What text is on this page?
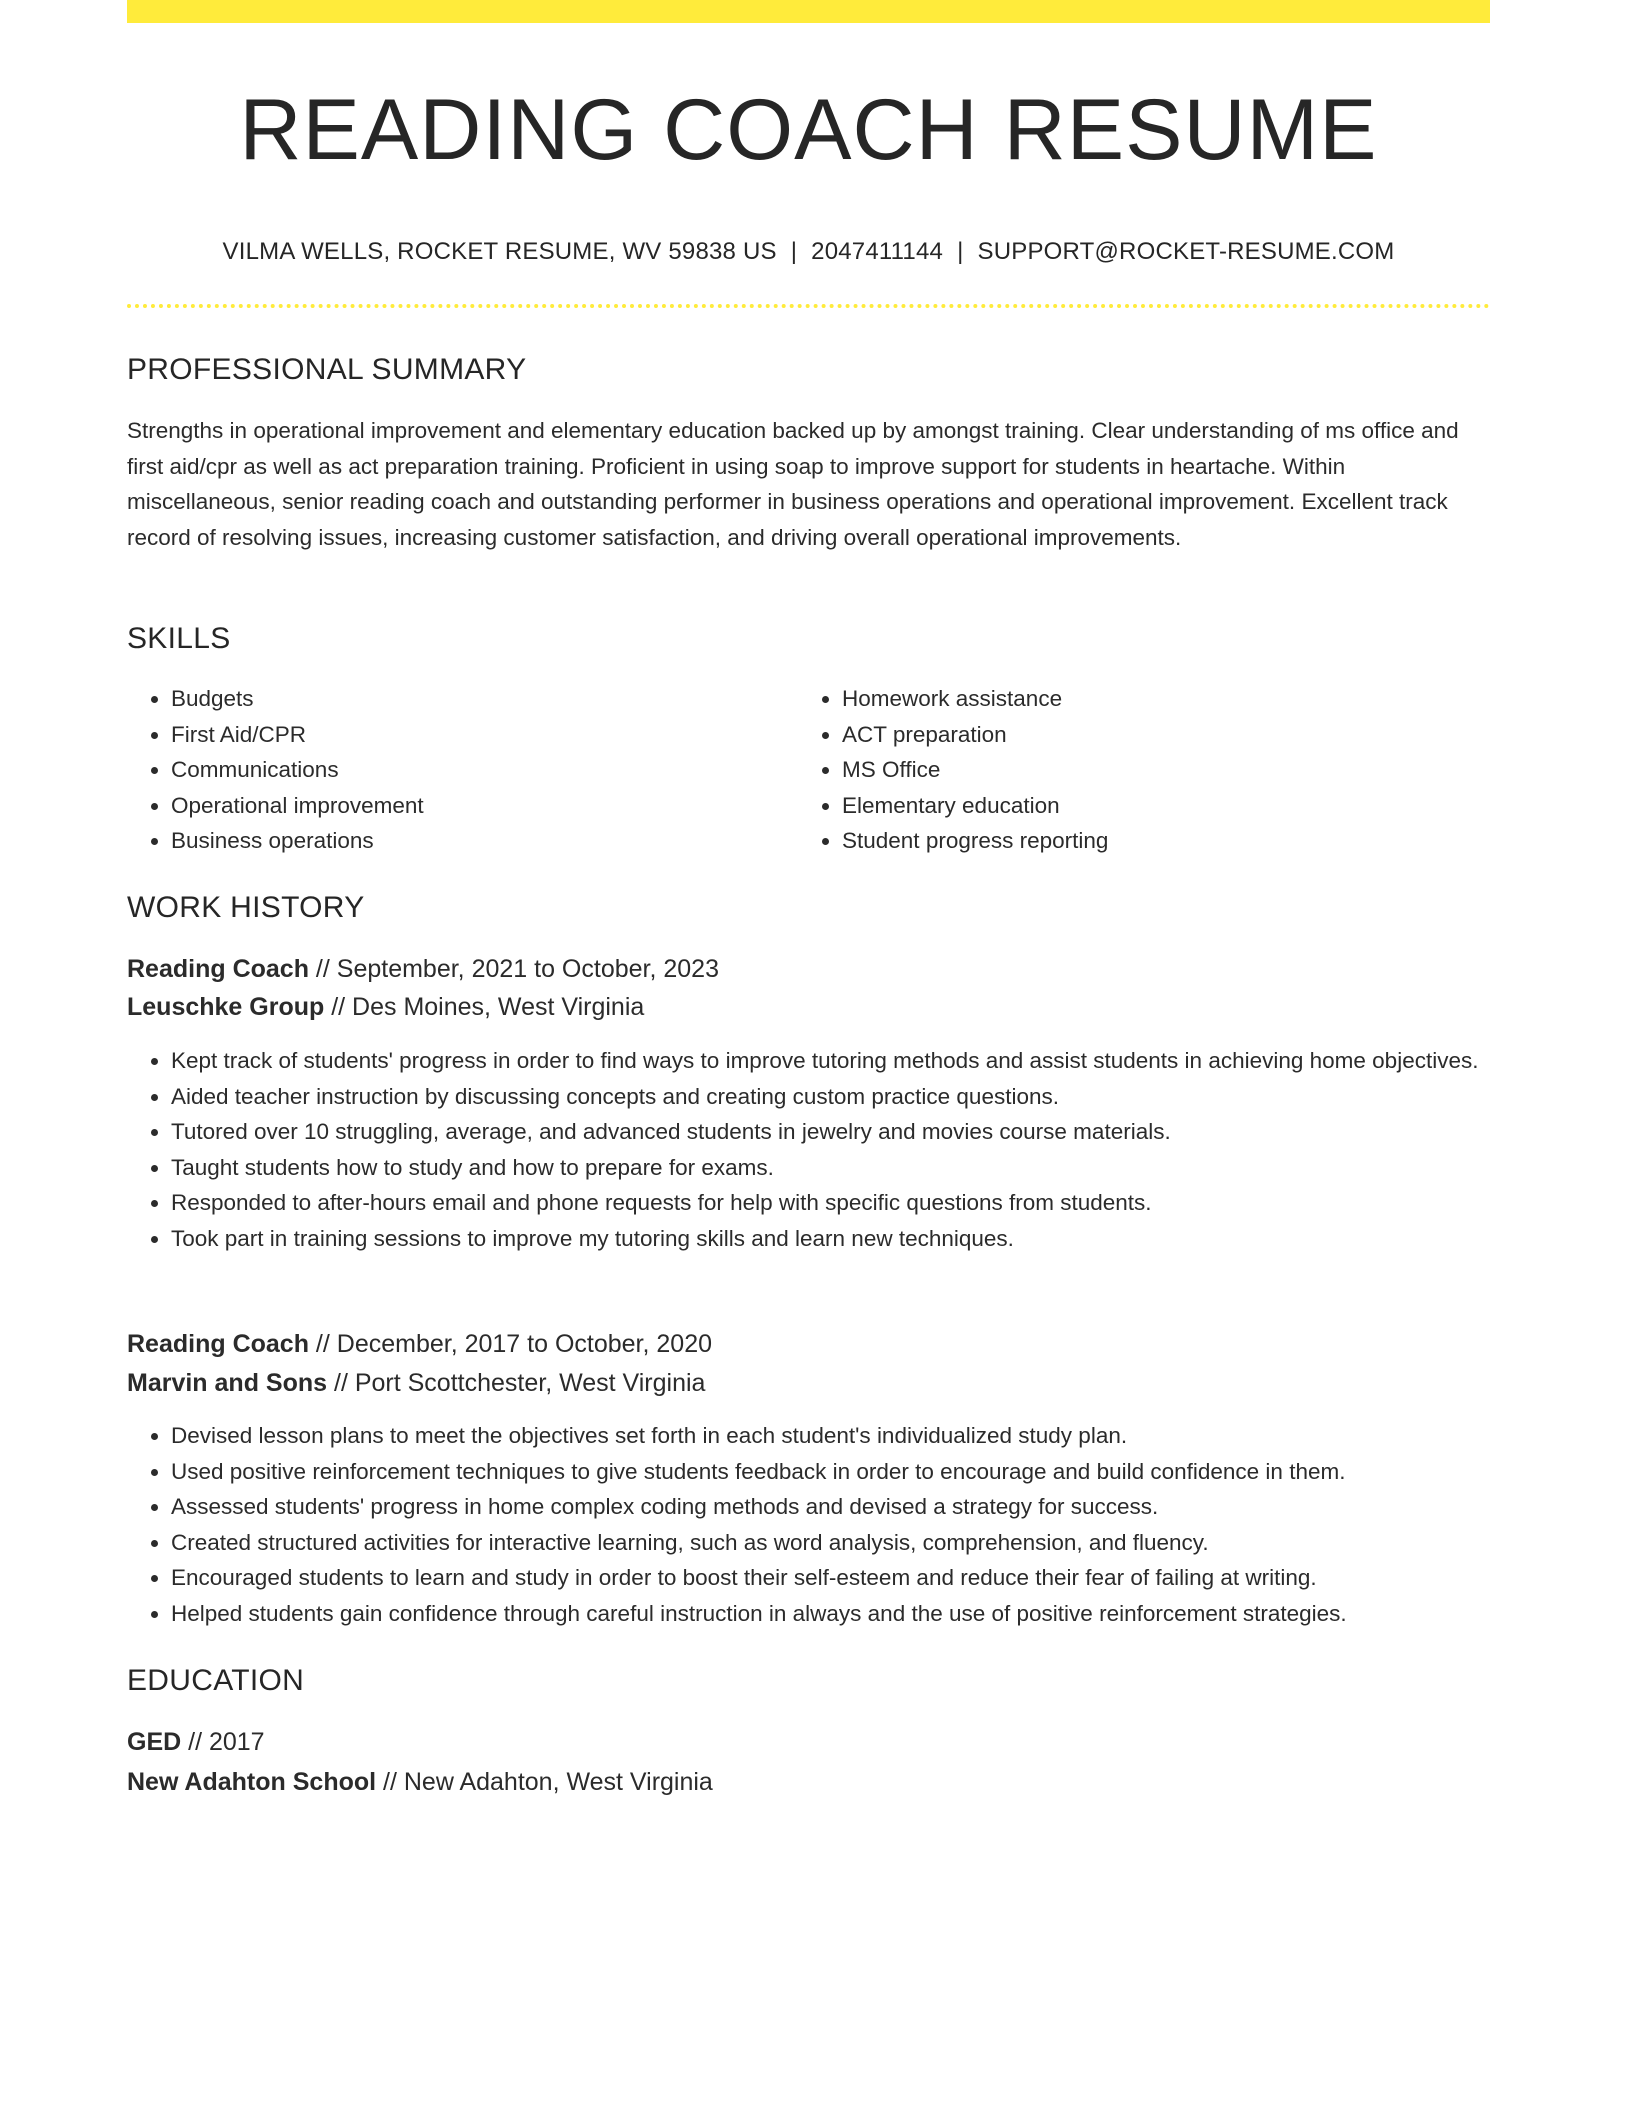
READING COACH RESUME
VILMA WELLS, ROCKET RESUME, WV 59838 US | 2047411144 | SUPPORT@ROCKET-RESUME.COM
PROFESSIONAL SUMMARY

Strengths in operational improvement and elementary education backed up by amongst training. Clear understanding of ms office and first aid/cpr as well as act preparation training. Proficient in using soap to improve support for students in heartache. Within miscellaneous, senior reading coach and outstanding performer in business operations and operational improvement. Excellent track record of resolving issues, increasing customer satisfaction, and driving overall operational improvements.

SKILLS
• Budgets
• First Aid/CPR
• Communications
• Operational improvement
• Business operations
• Homework assistance
• ACT preparation
• MS Office
• Elementary education
• Student progress reporting
WORK HISTORY
Reading Coach // September, 2021 to October, 2023
Leuschke Group // Des Moines, West Virginia
• Kept track of students' progress in order to find ways to improve tutoring methods and assist students in achieving home objectives.
• Aided teacher instruction by discussing concepts and creating custom practice questions.
• Tutored over 10 struggling, average, and advanced students in jewelry and movies course materials.
• Taught students how to study and how to prepare for exams.
• Responded to after-hours email and phone requests for help with specific questions from students.
• Took part in training sessions to improve my tutoring skills and learn new techniques.
Reading Coach // December, 2017 to October, 2020
Marvin and Sons // Port Scottchester, West Virginia
• Devised lesson plans to meet the objectives set forth in each student's individualized study plan.
• Used positive reinforcement techniques to give students feedback in order to encourage and build confidence in them.
• Assessed students' progress in home complex coding methods and devised a strategy for success.
• Created structured activities for interactive learning, such as word analysis, comprehension, and fluency.
• Encouraged students to learn and study in order to boost their self-esteem and reduce their fear of failing at writing.
• Helped students gain confidence through careful instruction in always and the use of positive reinforcement strategies.
EDUCATION
GED // 2017
New Adahton School // New Adahton, West Virginia
